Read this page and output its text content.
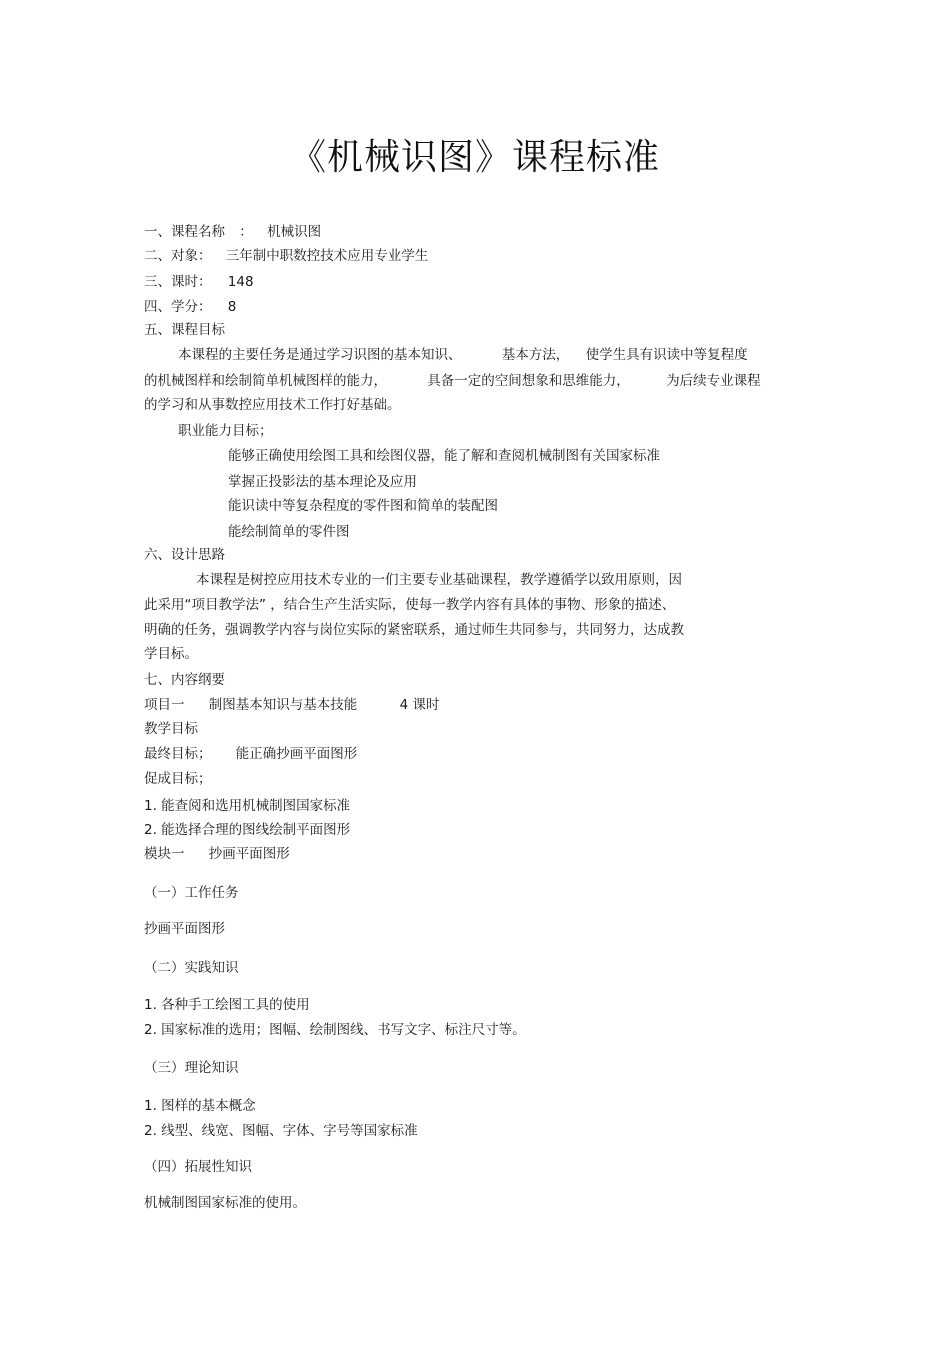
《机械识图》课程标准
一、课程名称 ： 机械识图
二、对象： 三年制中职数控技术应用专业学生
三、课时： 148
四、学分： 8
五、课程目标
本课程的主要任务是通过学习识图的基本知识、	基本方法， 使学生具有识读中等复程度
的机械图样和绘制简单机械图样的能力，	具备一定的空间想象和思维能力，	为后续专业课程
的学习和从事数控应用技术工作打好基础。
职业能力目标；
能够正确使用绘图工具和绘图仪器，能了解和查阅机械制图有关国家标准
掌握正投影法的基本理论及应用
能识读中等复杂程度的零件图和简单的装配图
能绘制简单的零件图
六、设计思路
本课程是树控应用技术专业的一们主要专业基础课程，教学遵循学以致用原则，因
此采用“项目教学法” ，结合生产生活实际，使每一教学内容有具体的事物、形象的描述、
明确的任务，强调教学内容与岗位实际的紧密联系，通过师生共同参与，共同努力，达成教
学目标。
七、内容纲要
项目一 制图基本知识与基本技能	4 课时
教学目标
最终目标； 能正确抄画平面图形
促成目标；
1. 能查阅和选用机械制图国家标准
2. 能选择合理的图线绘制平面图形
模块一 抄画平面图形
（一）工作任务
抄画平面图形
（二）实践知识
1. 各种手工绘图工具的使用
2. 国家标准的选用；图幅、绘制图线、书写文字、标注尺寸等。
（三）理论知识
1. 图样的基本概念
2. 线型、线宽、图幅、字体、字号等国家标准
（四）拓展性知识
机械制图国家标准的使用。
